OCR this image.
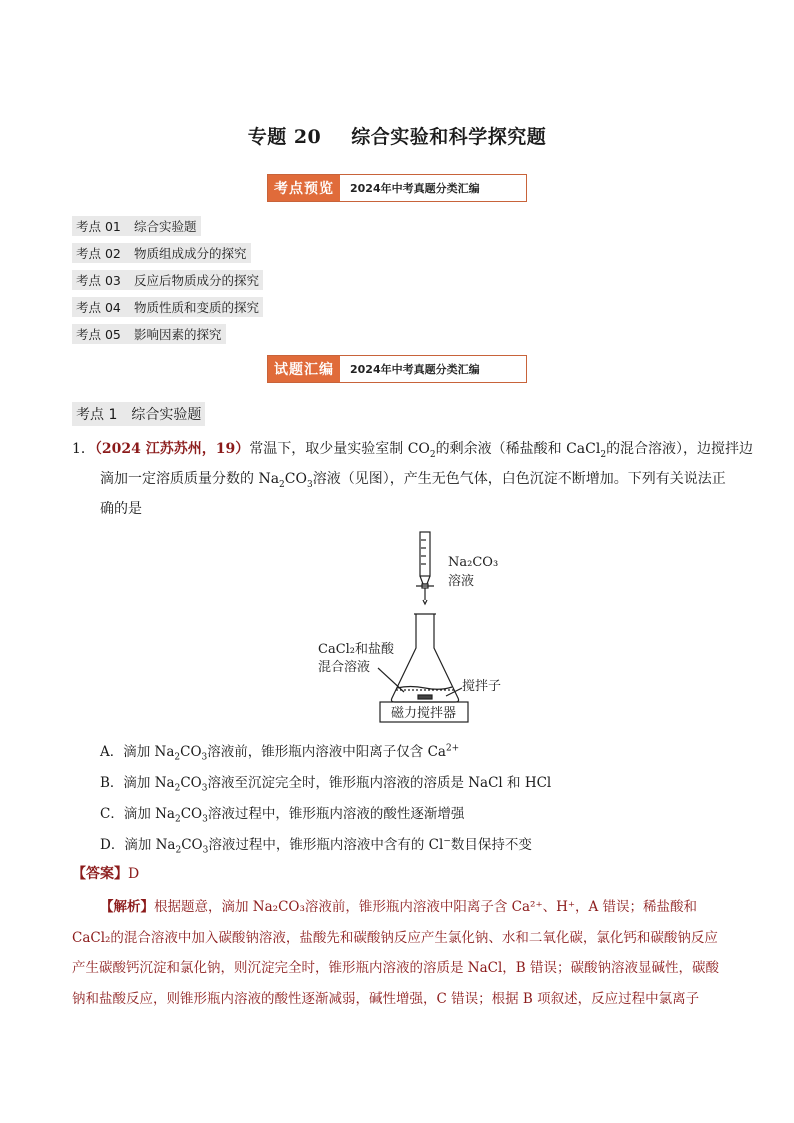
专题 20 综合实验和科学探究题
考点预览	2024年中考真题分类汇编
考点 01 综合实验题
考点 02 物质组成成分的探究
考点 03 反应后物质成分的探究
考点 04 物质性质和变质的探究
考点 05 影响因素的探究
试题汇编	2024年中考真题分类汇编
考点 1 综合实验题
1．（2024 江苏苏州，19）常温下，取少量实验室制 $CO_2$的剩余液（稀盐酸和 CaCl$_2$的混合溶液），边搅拌边
滴加一定溶质质量分数的 $Na_2CO_3$溶液（见图），产生无色气体，白色沉淀不断增加。下列有关说法正
确的是
Na₂CO₃
溶液
CaCl₂和盐酸
混合溶液
搅拌子
磁力搅拌器
A．滴加 $Na_2CO_3$溶液前，锥形瓶内溶液中阳离子仅含 $Ca^{2+}$
B．滴加 $Na_2CO_3$溶液至沉淀完全时，锥形瓶内溶液的溶质是 NaCl 和 HCl
C．滴加 $Na_2CO_3$溶液过程中，锥形瓶内溶液的酸性逐渐增强
D．滴加 $Na_2CO_3$溶液过程中，锥形瓶内溶液中含有的 Cl−数目保持不变
【答案】D
【解析】根据题意，滴加 Na₂CO₃溶液前，锥形瓶内溶液中阳离子含 Ca²⁺、H⁺，A 错误；稀盐酸和 CaCl₂的混合溶液中加入碳酸钠溶液，盐酸先和碳酸钠反应产生氯化钠、水和二氧化碳，氯化钙和碳酸钠反应产生碳酸钙沉淀和氯化钠，则沉淀完全时，锥形瓶内溶液的溶质是 NaCl，B 错误；碳酸钠溶液显碱性，碳酸钠和盐酸反应，则锥形瓶内溶液的酸性逐渐减弱，碱性增强，C 错误；根据 B 项叙述，反应过程中氯离子
